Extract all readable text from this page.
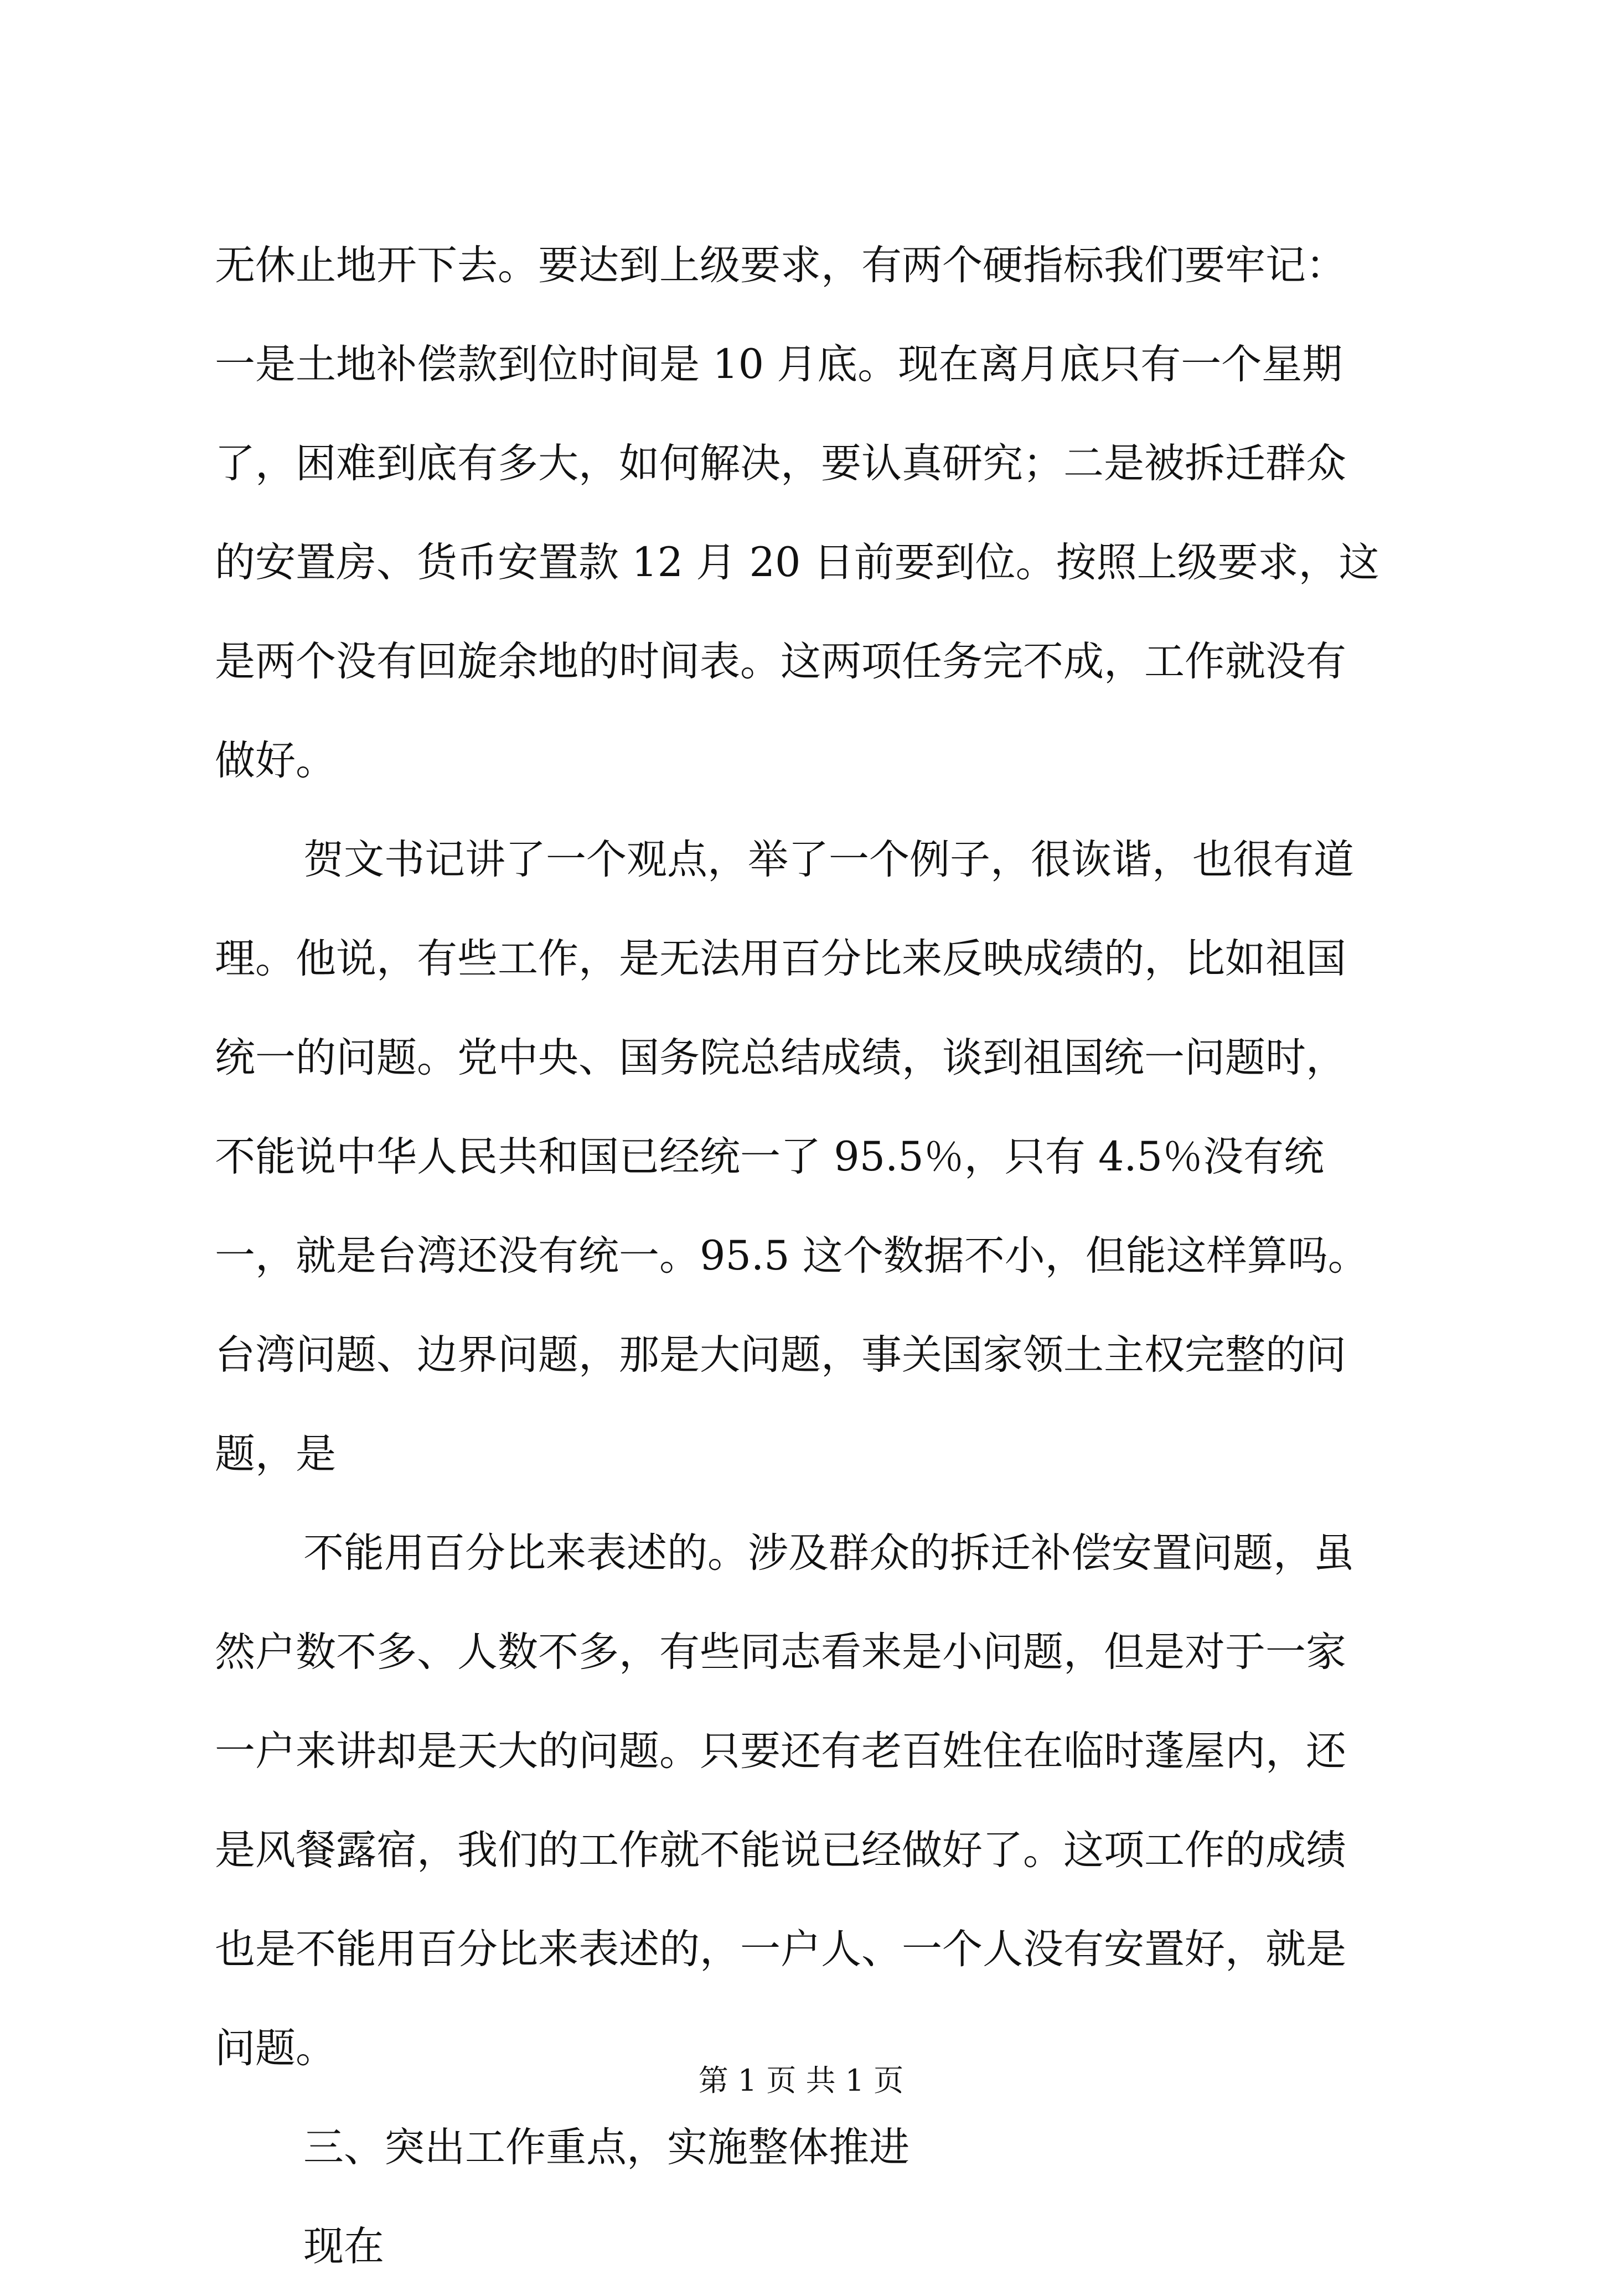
无休止地开下去。要达到上级要求，有两个硬指标我们要牢记：
一是土地补偿款到位时间是 10 月底。现在离月底只有一个星期
了，困难到底有多大，如何解决，要认真研究；二是被拆迁群众
的安置房、货币安置款 12 月 20 日前要到位。按照上级要求，这
是两个没有回旋余地的时间表。这两项任务完不成，工作就没有
做好。
贺文书记讲了一个观点，举了一个例子，很诙谐，也很有道
理。他说，有些工作，是无法用百分比来反映成绩的，比如祖国
统一的问题。党中央、国务院总结成绩，谈到祖国统一问题时，
不能说中华人民共和国已经统一了 95.5％，只有 4.5％没有统
一，就是台湾还没有统一。95.5 这个数据不小，但能这样算吗。
台湾问题、边界问题，那是大问题，事关国家领土主权完整的问
题，是
不能用百分比来表述的。涉及群众的拆迁补偿安置问题，虽
然户数不多、人数不多，有些同志看来是小问题，但是对于一家
一户来讲却是天大的问题。只要还有老百姓住在临时蓬屋内，还
是风餐露宿，我们的工作就不能说已经做好了。这项工作的成绩
也是不能用百分比来表述的，一户人、一个人没有安置好，就是
问题。
三、突出工作重点，实施整体推进
现在
第 1 页 共 1 页
